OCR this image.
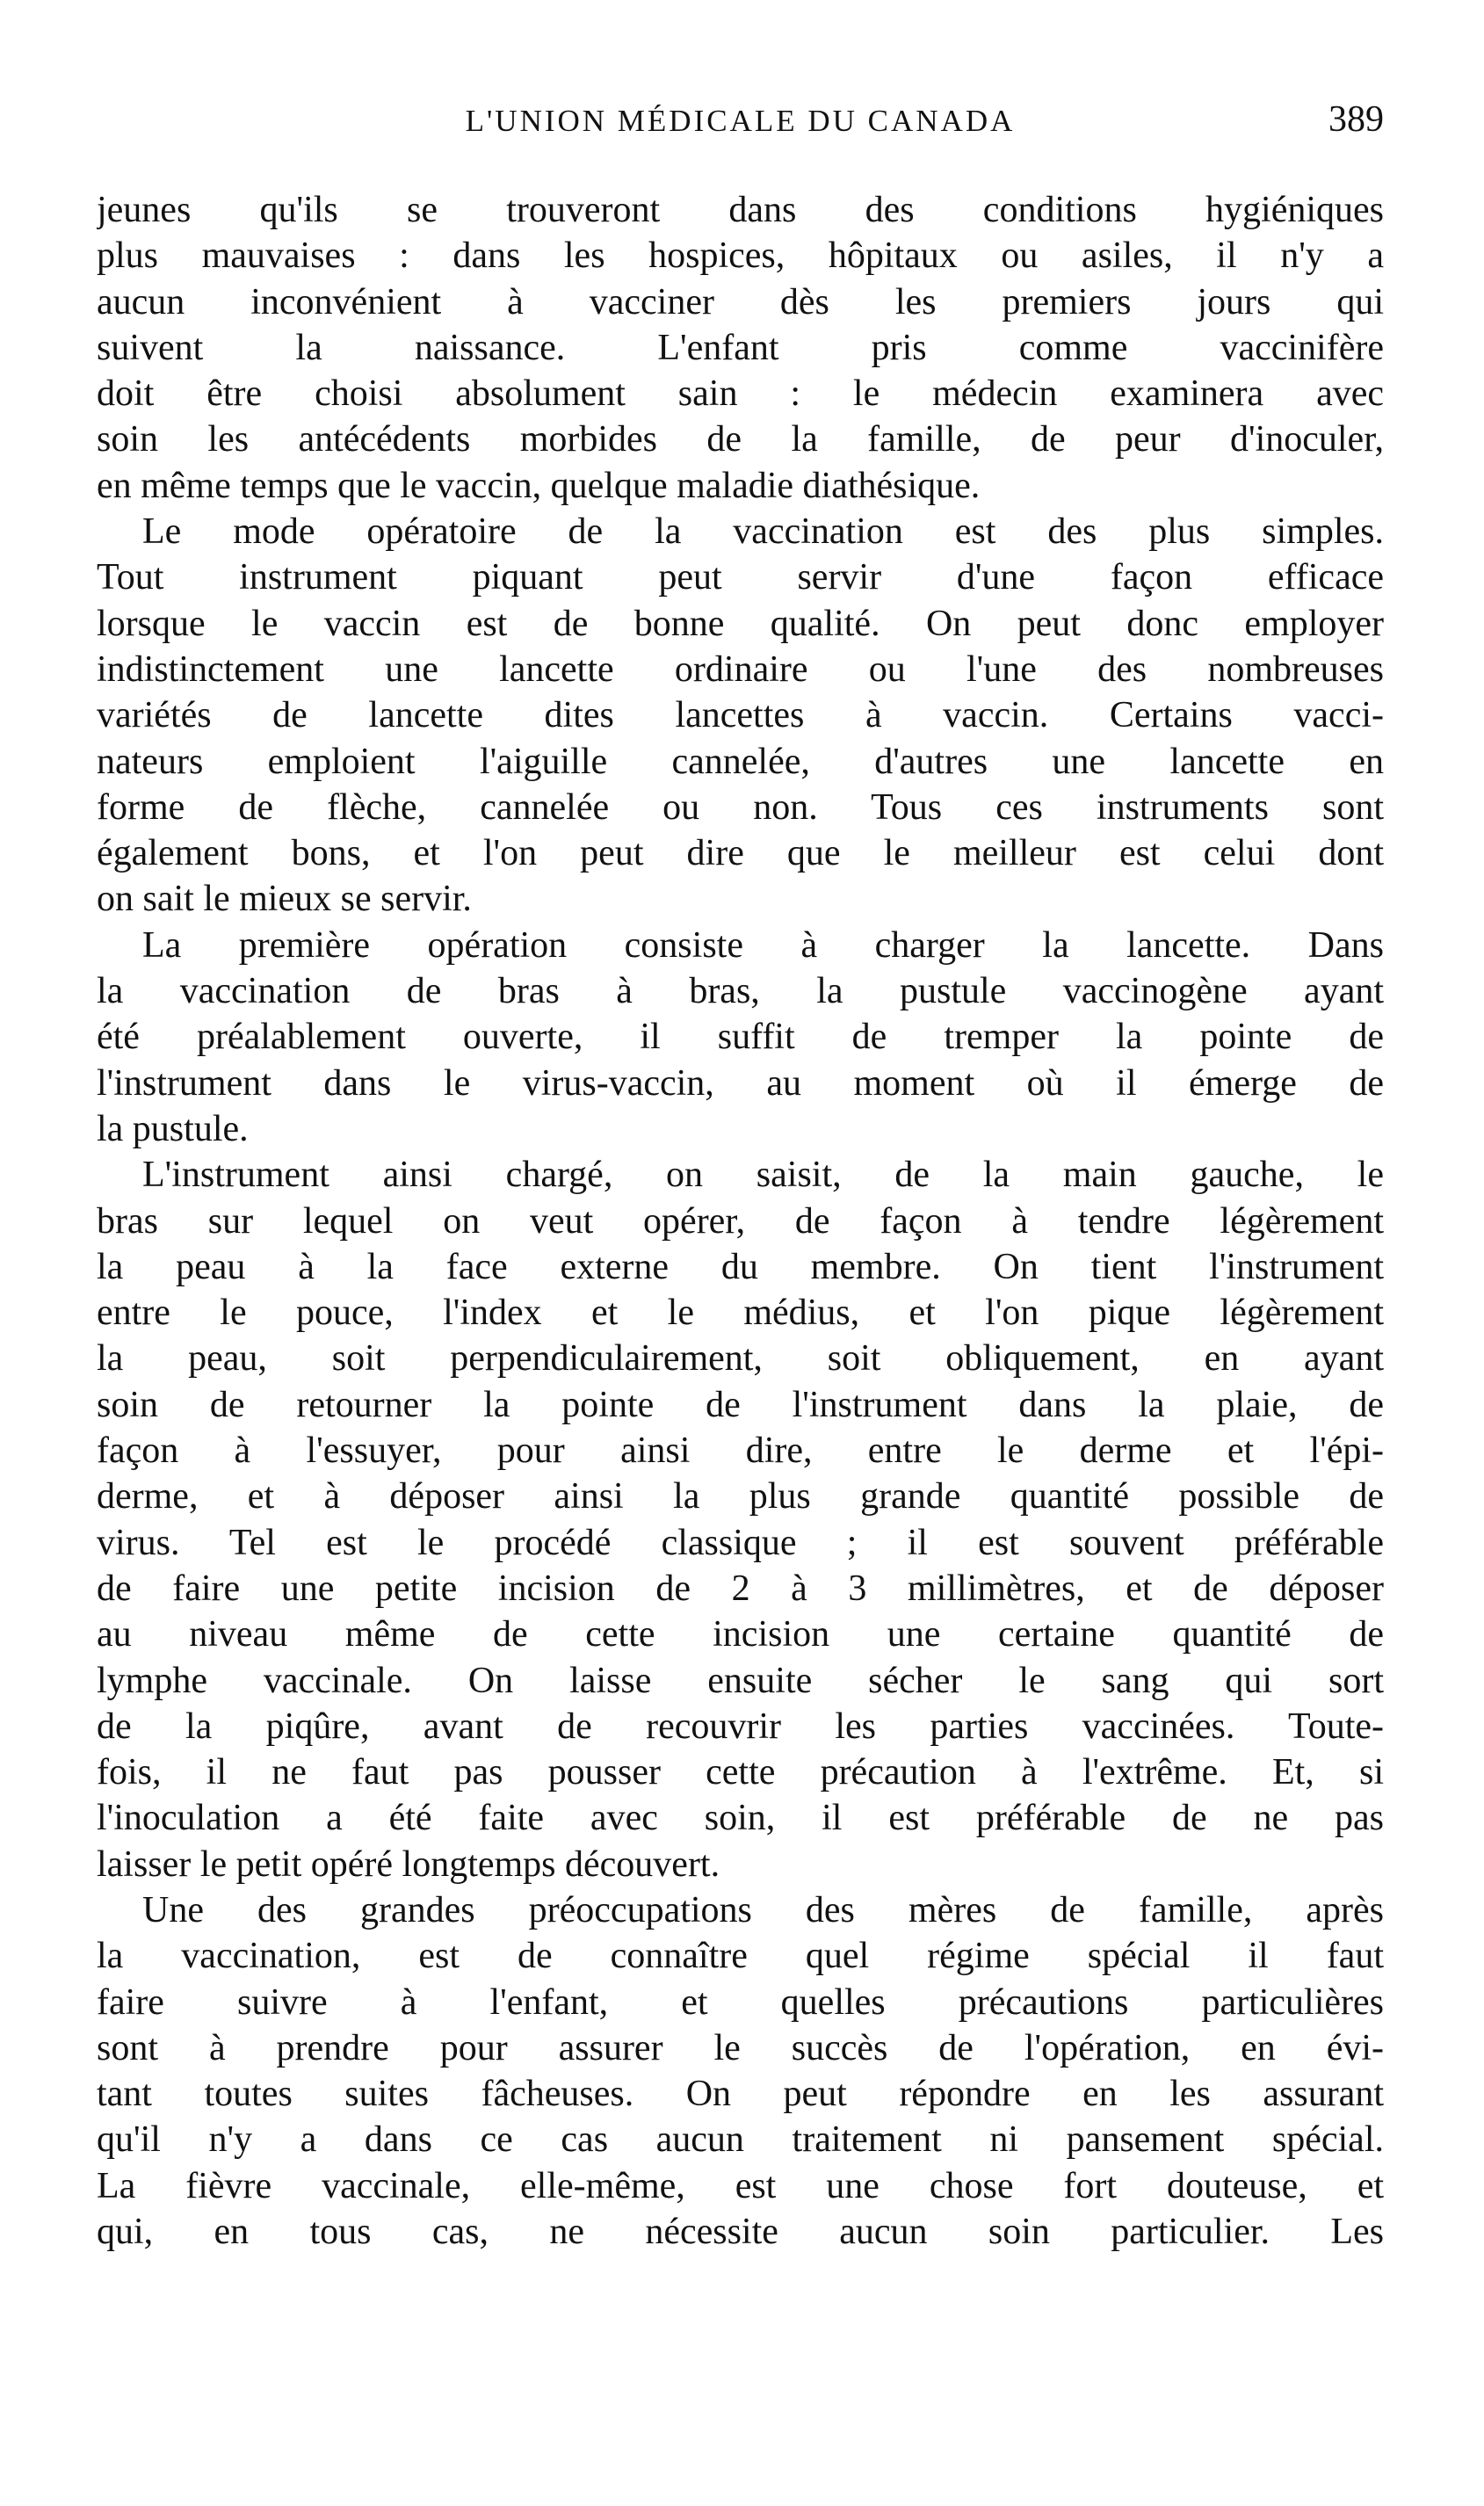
L'UNION MÉDICALE DU CANADA	389
jeunes qu'ils se trouveront dans des conditions hygiéniques
plus mauvaises : dans les hospices, hôpitaux ou asiles, il n'y a
aucun inconvénient à vacciner dès les premiers jours qui
suivent la naissance. L'enfant pris comme vaccinifère
doit être choisi absolument sain : le médecin examinera avec
soin les antécédents morbides de la famille, de peur d'inoculer,
en même temps que le vaccin, quelque maladie diathésique.
Le mode opératoire de la vaccination est des plus simples.
Tout instrument piquant peut servir d'une façon efficace
lorsque le vaccin est de bonne qualité. On peut donc employer
indistinctement une lancette ordinaire ou l'une des nombreuses
variétés de lancette dites lancettes à vaccin. Certains vacci-
nateurs emploient l'aiguille cannelée, d'autres une lancette en
forme de flèche, cannelée ou non. Tous ces instruments sont
également bons, et l'on peut dire que le meilleur est celui dont
on sait le mieux se servir.
La première opération consiste à charger la lancette. Dans
la vaccination de bras à bras, la pustule vaccinogène ayant
été préalablement ouverte, il suffit de tremper la pointe de
l'instrument dans le virus-vaccin, au moment où il émerge de
la pustule.
L'instrument ainsi chargé, on saisit, de la main gauche, le
bras sur lequel on veut opérer, de façon à tendre légèrement
la peau à la face externe du membre. On tient l'instrument
entre le pouce, l'index et le médius, et l'on pique légèrement
la peau, soit perpendiculairement, soit obliquement, en ayant
soin de retourner la pointe de l'instrument dans la plaie, de
façon à l'essuyer, pour ainsi dire, entre le derme et l'épi-
derme, et à déposer ainsi la plus grande quantité possible de
virus. Tel est le procédé classique ; il est souvent préférable
de faire une petite incision de 2 à 3 millimètres, et de déposer
au niveau même de cette incision une certaine quantité de
lymphe vaccinale. On laisse ensuite sécher le sang qui sort
de la piqûre, avant de recouvrir les parties vaccinées. Toute-
fois, il ne faut pas pousser cette précaution à l'extrême. Et, si
l'inoculation a été faite avec soin, il est préférable de ne pas
laisser le petit opéré longtemps découvert.
Une des grandes préoccupations des mères de famille, après
la vaccination, est de connaître quel régime spécial il faut
faire suivre à l'enfant, et quelles précautions particulières
sont à prendre pour assurer le succès de l'opération, en évi-
tant toutes suites fâcheuses. On peut répondre en les assurant
qu'il n'y a dans ce cas aucun traitement ni pansement spécial.
La fièvre vaccinale, elle-même, est une chose fort douteuse, et
qui, en tous cas, ne nécessite aucun soin particulier. Les
